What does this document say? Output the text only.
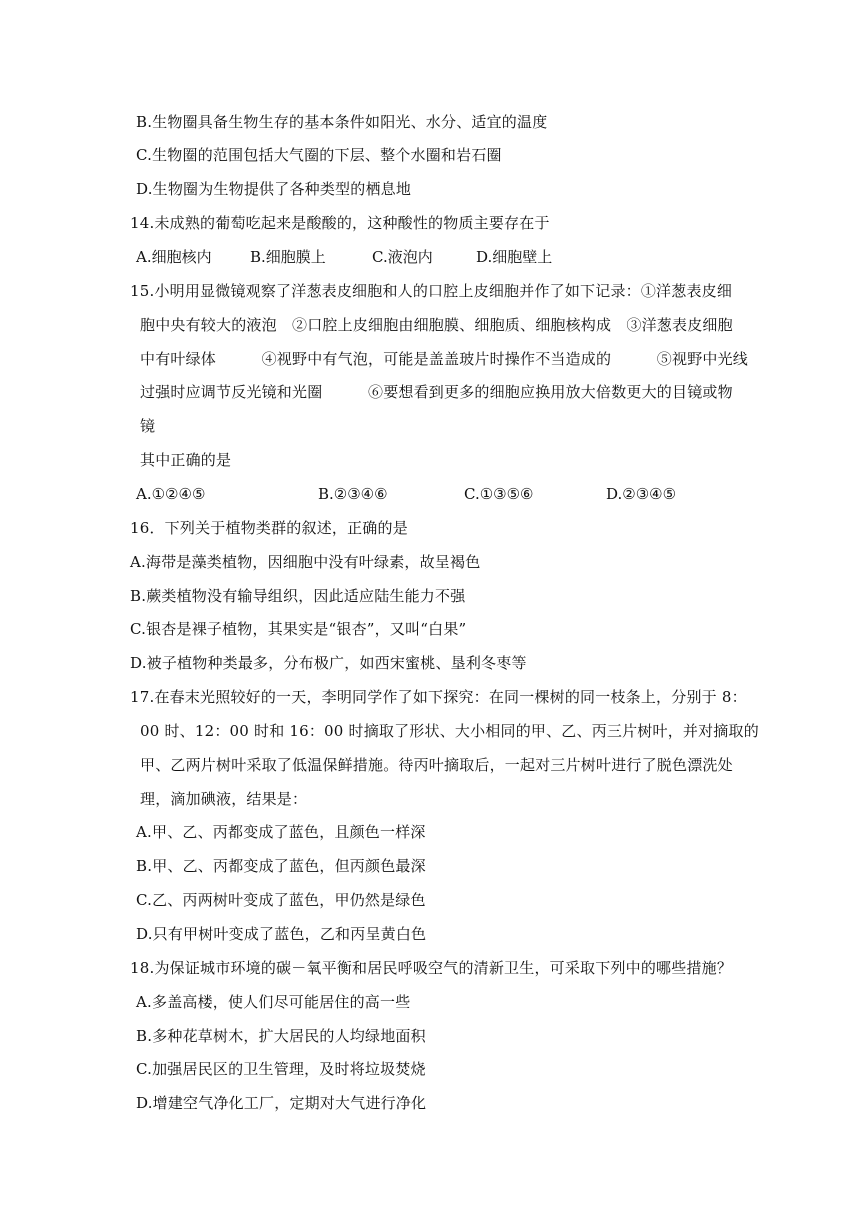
B.生物圈具备生物生存的基本条件如阳光、水分、适宜的温度
C.生物圈的范围包括大气圈的下层、整个水圈和岩石圈
D.生物圈为生物提供了各种类型的栖息地
14.未成熟的葡萄吃起来是酸酸的，这种酸性的物质主要存在于
A.细胞核内	B.细胞膜上	C.液泡内	D.细胞壁上
15.小明用显微镜观察了洋葱表皮细胞和人的口腔上皮细胞并作了如下记录：①洋葱表皮细
胞中央有较大的液泡　②口腔上皮细胞由细胞膜、细胞质、细胞核构成　③洋葱表皮细胞
中有叶绿体　　　④视野中有气泡，可能是盖盖玻片时操作不当造成的　　　⑤视野中光线
过强时应调节反光镜和光圈　　　⑥要想看到更多的细胞应换用放大倍数更大的目镜或物
镜
其中正确的是
A.①②④⑤	B.②③④⑥	C.①③⑤⑥	D.②③④⑤
16．下列关于植物类群的叙述，正确的是
A.海带是藻类植物，因细胞中没有叶绿素，故呈褐色
B.蕨类植物没有输导组织，因此适应陆生能力不强
C.银杏是裸子植物，其果实是“银杏”，又叫“白果”
D.被子植物种类最多，分布极广，如西宋蜜桃、垦利冬枣等
17.在春末光照较好的一天，李明同学作了如下探究：在同一棵树的同一枝条上，分别于 8：
00 时、12：00 时和 16：00 时摘取了形状、大小相同的甲、乙、丙三片树叶，并对摘取的
甲、乙两片树叶采取了低温保鲜措施。待丙叶摘取后，一起对三片树叶进行了脱色漂洗处
理，滴加碘液，结果是：
A.甲、乙、丙都变成了蓝色，且颜色一样深
B.甲、乙、丙都变成了蓝色，但丙颜色最深
C.乙、丙两树叶变成了蓝色，甲仍然是绿色
D.只有甲树叶变成了蓝色，乙和丙呈黄白色
18.为保证城市环境的碳－氧平衡和居民呼吸空气的清新卫生，可采取下列中的哪些措施？
A.多盖高楼，使人们尽可能居住的高一些
B.多种花草树木，扩大居民的人均绿地面积
C.加强居民区的卫生管理，及时将垃圾焚烧
D.增建空气净化工厂，定期对大气进行净化
